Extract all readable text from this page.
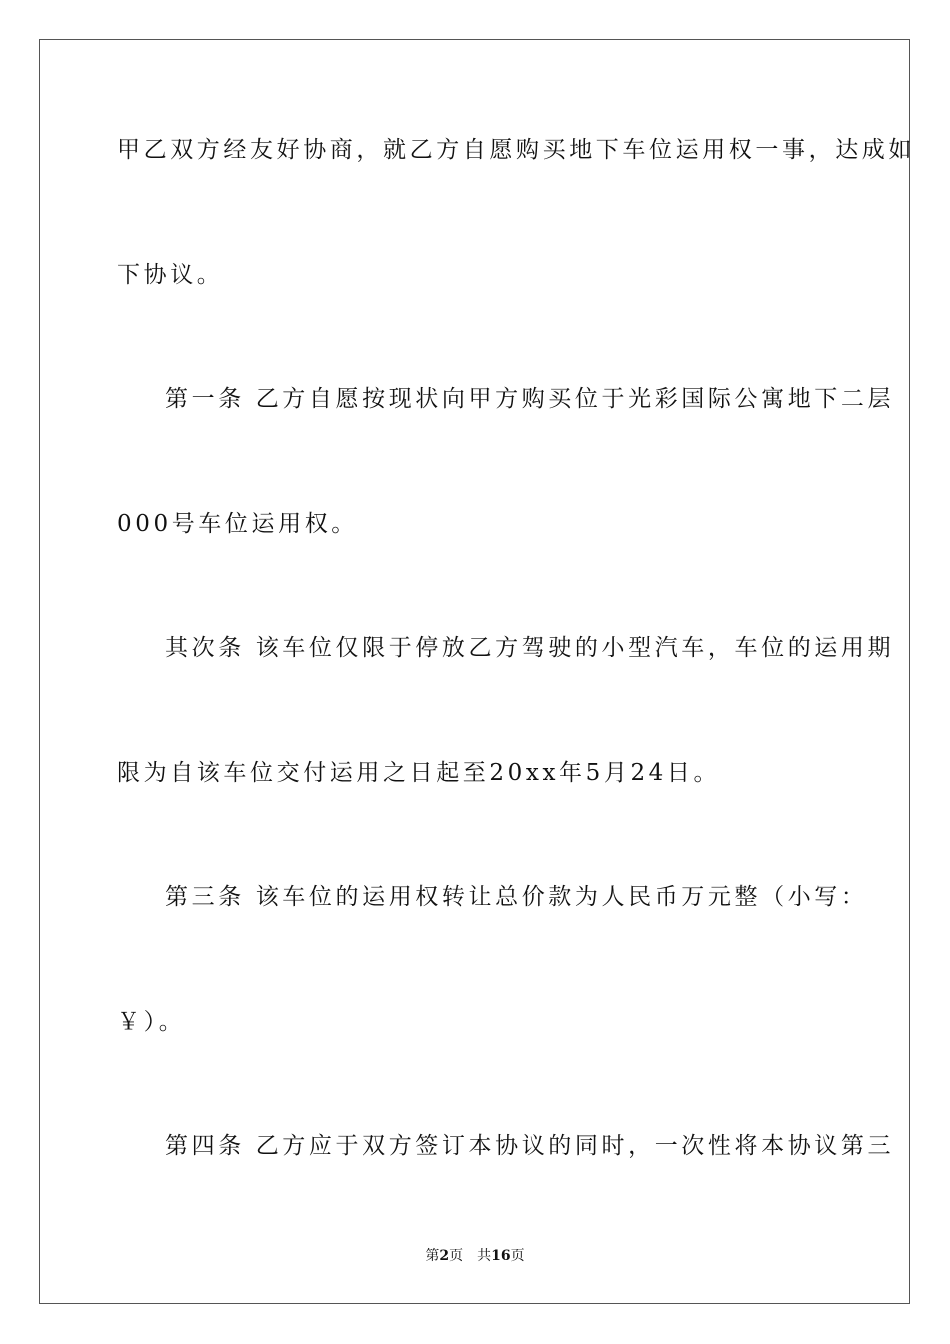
甲乙双方经友好协商，就乙方自愿购买地下车位运用权一事，达成如
下协议。
第一条 乙方自愿按现状向甲方购买位于光彩国际公寓地下二层
000号车位运用权。
其次条 该车位仅限于停放乙方驾驶的小型汽车，车位的运用期
限为自该车位交付运用之日起至20xx年5月24日。
第三条 该车位的运用权转让总价款为人民币万元整（小写：
￥）。
第四条 乙方应于双方签订本协议的同时，一次性将本协议第三
第2页 共16页
